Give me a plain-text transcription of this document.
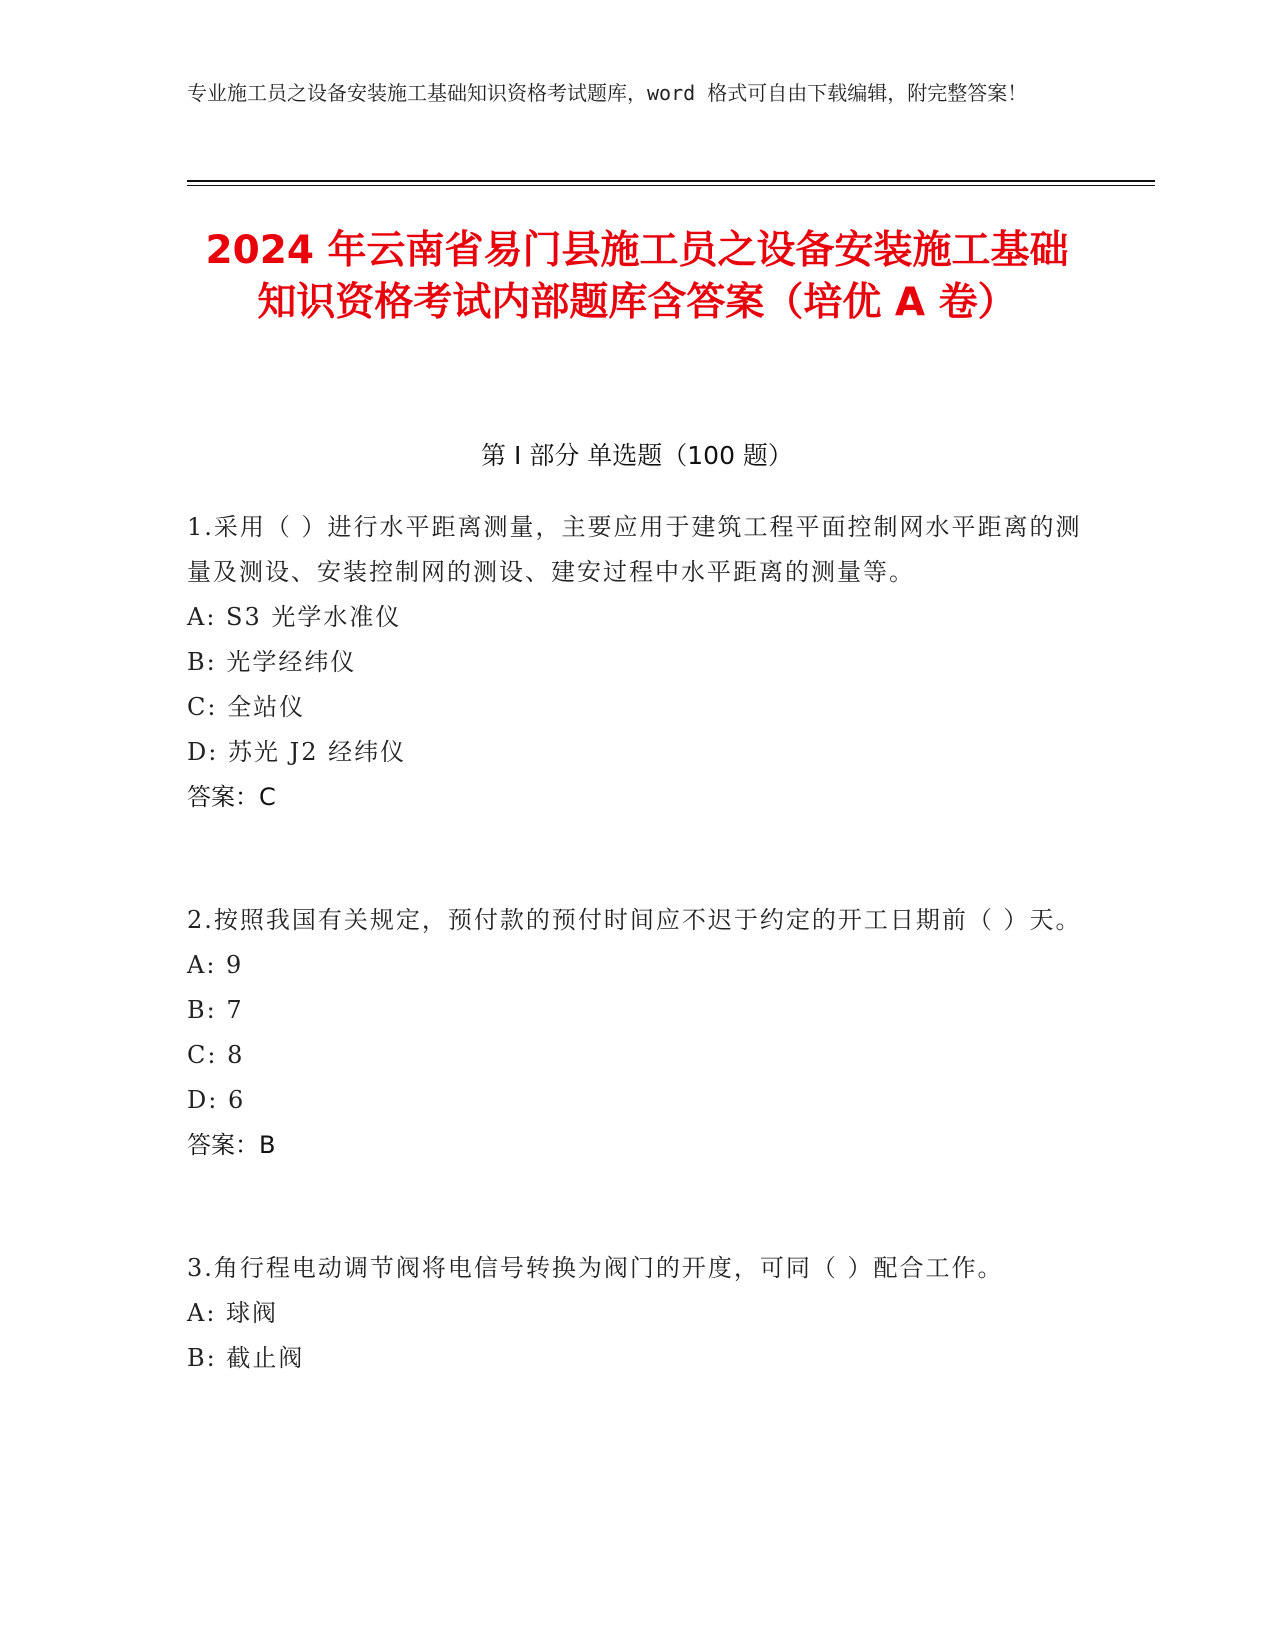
专业施工员之设备安装施工基础知识资格考试题库，word 格式可自由下载编辑，附完整答案！
2024 年云南省易门县施工员之设备安装施工基础知识资格考试内部题库含答案（培优 A 卷）
第 I 部分 单选题（100 题）

1.采用（ ）进行水平距离测量，主要应用于建筑工程平面控制网水平距离的测量及测设、安装控制网的测设、建安过程中水平距离的测量等。

A: S3 光学水准仪

B: 光学经纬仪

C: 全站仪

D: 苏光 J2 经纬仪

答案：C

2.按照我国有关规定，预付款的预付时间应不迟于约定的开工日期前（ ）天。

A: 9

B: 7

C: 8

D: 6

答案：B

3.角行程电动调节阀将电信号转换为阀门的开度，可同（ ）配合工作。

A: 球阀

B: 截止阀
